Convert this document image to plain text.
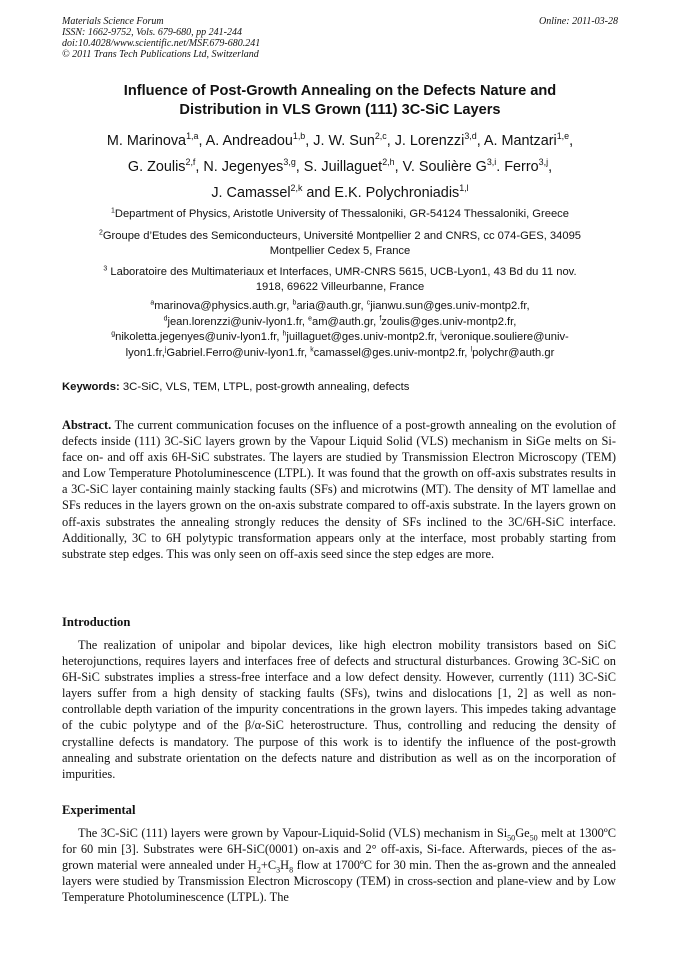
Materials Science Forum
ISSN: 1662-9752, Vols. 679-680, pp 241-244
doi:10.4028/www.scientific.net/MSF.679-680.241
© 2011 Trans Tech Publications Ltd, Switzerland
Online: 2011-03-28
Influence of Post-Growth Annealing on the Defects Nature and
Distribution in VLS Grown (111) 3C-SiC Layers
M. Marinova$^{1,a}$, A. Andreadou$^{1,b}$, J. W. Sun$^{2,c}$, J. Lorenzzi$^{3,d}$, A. Mantzari$^{1,e}$,
G. Zoulis$^{2,f}$, N. Jegenyes$^{3,g}$, S. Juillaguet$^{2,h}$, V. Soulière G$^{3,i}$. Ferro$^{3,j}$,
J. Camassel$^{2,k}$ and E.K. Polychroniadis$^{1,l}$
$^1$Department of Physics, Aristotle University of Thessaloniki, GR-54124 Thessaloniki, Greece
$^2$Groupe d’Etudes des Semiconducteurs, Université Montpellier 2 and CNRS, cc 074-GES, 34095
Montpellier Cedex 5, France
$^3$ Laboratoire des Multimateriaux et Interfaces, UMR-CNRS 5615, UCB-Lyon1, 43 Bd du 11 nov.
1918, 69622 Villeurbanne, France
$^a$marinova@physics.auth.gr, $^b$aria@auth.gr, $^c$jianwu.sun@ges.univ-montp2.fr,
$^d$jean.lorenzzi@univ-lyon1.fr, $^e$am@auth.gr, $^f$zoulis@ges.univ-montp2.fr,
$^g$nikoletta.jegenyes@univ-lyon1.fr, $^h$juillaguet@ges.univ-montp2.fr, $^i$veronique.souliere@univ-
lyon1.fr,$^j$Gabriel.Ferro@univ-lyon1.fr, $^k$camassel@ges.univ-montp2.fr, $^l$polychr@auth.gr
Keywords: 3C-SiC, VLS, TEM, LTPL, post-growth annealing, defects
Abstract. The current communication focuses on the influence of a post-growth annealing on the evolution of defects inside (111) 3C-SiC layers grown by the Vapour Liquid Solid (VLS) mechanism in SiGe melts on Si-face on- and off axis 6H-SiC substrates. The layers are studied by Transmission Electron Microscopy (TEM) and Low Temperature Photoluminescence (LTPL). It was found that the growth on off-axis substrates results in a 3C-SiC layer containing mainly stacking faults (SFs) and microtwins (MT). The density of MT lamellae and SFs reduces in the layers grown on the on-axis substrate compared to off-axis substrate. In the layers grown on off-axis substrates the annealing strongly reduces the density of SFs inclined to the 3C/6H-SiC interface. Additionally, 3C to 6H polytypic transformation appears only at the interface, most probably starting from substrate step edges. This was only seen on off-axis seed since the step edges are more.
Introduction
The realization of unipolar and bipolar devices, like high electron mobility transistors based on SiC heterojunctions, requires layers and interfaces free of defects and structural disturbances. Growing 3C-SiC on 6H-SiC substrates implies a stress-free interface and a low defect density. However, currently (111) 3C-SiC layers suffer from a high density of stacking faults (SFs), twins and dislocations [1, 2] as well as non-controllable depth variation of the impurity concentrations in the grown layers. This impedes taking advantage of the cubic polytype and of the β/α-SiC heterostructure. Thus, controlling and reducing the density of crystalline defects is mandatory. The purpose of this work is to identify the influence of the post-growth annealing and substrate orientation on the defects nature and distribution as well as on the incorporation of impurities.
Experimental
The 3C-SiC (111) layers were grown by Vapour-Liquid-Solid (VLS) mechanism in $Si_{50}Ge_{50}$ melt at 1300ºC for 60 min [3]. Substrates were 6H-SiC(0001) on-axis and 2° off-axis, Si-face. Afterwards, pieces of the as-grown material were annealed under $H_2+C_3H_8$ flow at 1700ºC for 30 min. Then the as-grown and the annealed layers were studied by Transmission Electron Microscopy (TEM) in cross-section and plane-view and by Low Temperature Photoluminescence (LTPL). The
